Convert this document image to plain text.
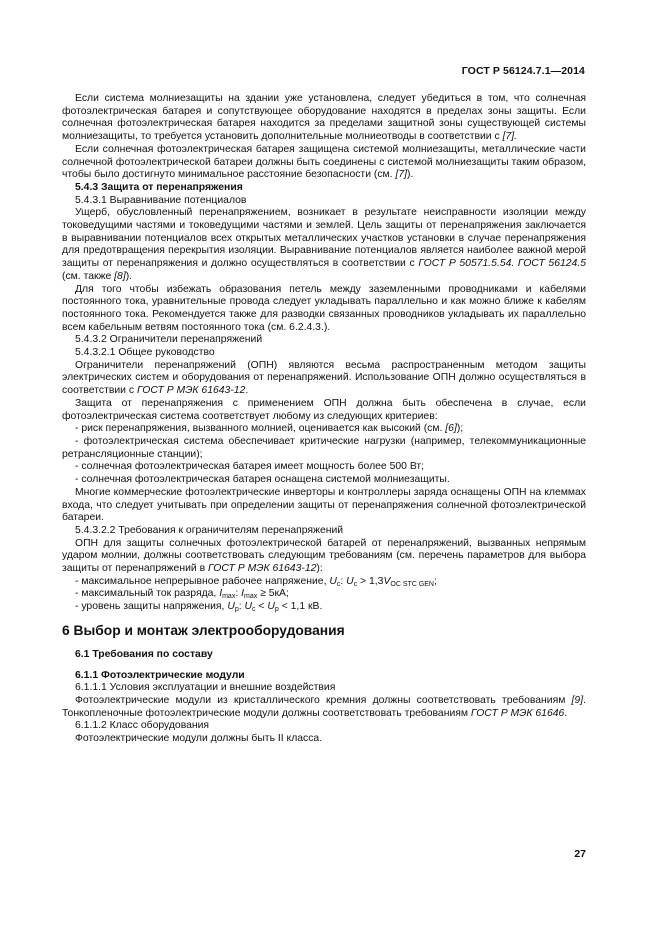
ГОСТ Р 56124.7.1—2014

Если система молниезащиты на здании уже установлена, следует убедиться в том, что солнечная фотоэлектрическая батарея и сопутствующее оборудование находятся в пределах зоны защиты. Если солнечная фотоэлектрическая батарея находится за пределами защитной зоны существующей системы молниезащиты, то требуется установить дополнительные молниеотводы в соответствии с [7].

Если солнечная фотоэлектрическая батарея защищена системой молниезащиты, металлические части солнечной фотоэлектрической батареи должны быть соединены с системой молниезащиты таким образом, чтобы было достигнуто минимальное расстояние безопасности (см. [7]).

5.4.3 Защита от перенапряжения

5.4.3.1 Выравнивание потенциалов

Ущерб, обусловленный перенапряжением, возникает в результате неисправности изоляции между токоведущими частями и токоведущими частями и землей. Цель защиты от перенапряжения заключается в выравнивании потенциалов всех открытых металлических участков установки в случае перенапряжения для предотвращения перекрытия изоляции. Выравнивание потенциалов является наиболее важной мерой защиты от перенапряжения и должно осуществляться в соответствии с ГОСТ Р 50571.5.54. ГОСТ 56124.5 (см. также [8]).

Для того чтобы избежать образования петель между заземленными проводниками и кабелями постоянного тока, уравнительные провода следует укладывать параллельно и как можно ближе к кабелям постоянного тока. Рекомендуется также для разводки связанных проводников укладывать их параллельно всем кабельным ветвям постоянного тока (см. 6.2.4.3.).

5.4.3.2 Ограничители перенапряжений

5.4.3.2.1 Общее руководство

Ограничители перенапряжений (ОПН) являются весьма распространенным методом защиты электрических систем и оборудования от перенапряжений. Использование ОПН должно осуществляться в соответствии с ГОСТ Р МЭК 61643-12.

Защита от перенапряжения с применением ОПН должна быть обеспечена в случае, если фотоэлектрическая система соответствует любому из следующих критериев:

- риск перенапряжения, вызванного молнией, оценивается как высокий (см. [6]);

- фотоэлектрическая система обеспечивает критические нагрузки (например, телекоммуникационные ретрансляционные станции);

- солнечная фотоэлектрическая батарея имеет мощность более 500 Вт;

- солнечная фотоэлектрическая батарея оснащена системой молниезащиты.

Многие коммерческие фотоэлектрические инверторы и контроллеры заряда оснащены ОПН на клеммах входа, что следует учитывать при определении защиты от перенапряжения солнечной фотоэлектрической батареи.

5.4.3.2.2 Требования к ограничителям перенапряжений

ОПН для защиты солнечных фотоэлектрической батарей от перенапряжений, вызванных непрямым ударом молнии, должны соответствовать следующим требованиям (см. перечень параметров для выбора защиты от перенапряжений в ГОСТ Р МЭК 61643-12):

- максимальное непрерывное рабочее напряжение, $U_c$: $U_c > 1,3V_{OC STC GEN}$;

- максимальный ток разряда, $I_{max}$: $I_{max} \ge 5кА$;

- уровень защиты напряжения, $U_p$: $U_c < U_p < 1,1$ кВ.

6 Выбор и монтаж электрооборудования

6.1 Требования по составу

6.1.1 Фотоэлектрические модули

6.1.1.1 Условия эксплуатации и внешние воздействия

Фотоэлектрические модули из кристаллического кремния должны соответствовать требованиям [9]. Тонкопленочные фотоэлектрические модули должны соответствовать требованиям ГОСТ Р МЭК 61646.

6.1.1.2 Класс оборудования

Фотоэлектрические модули должны быть II класса.

27
